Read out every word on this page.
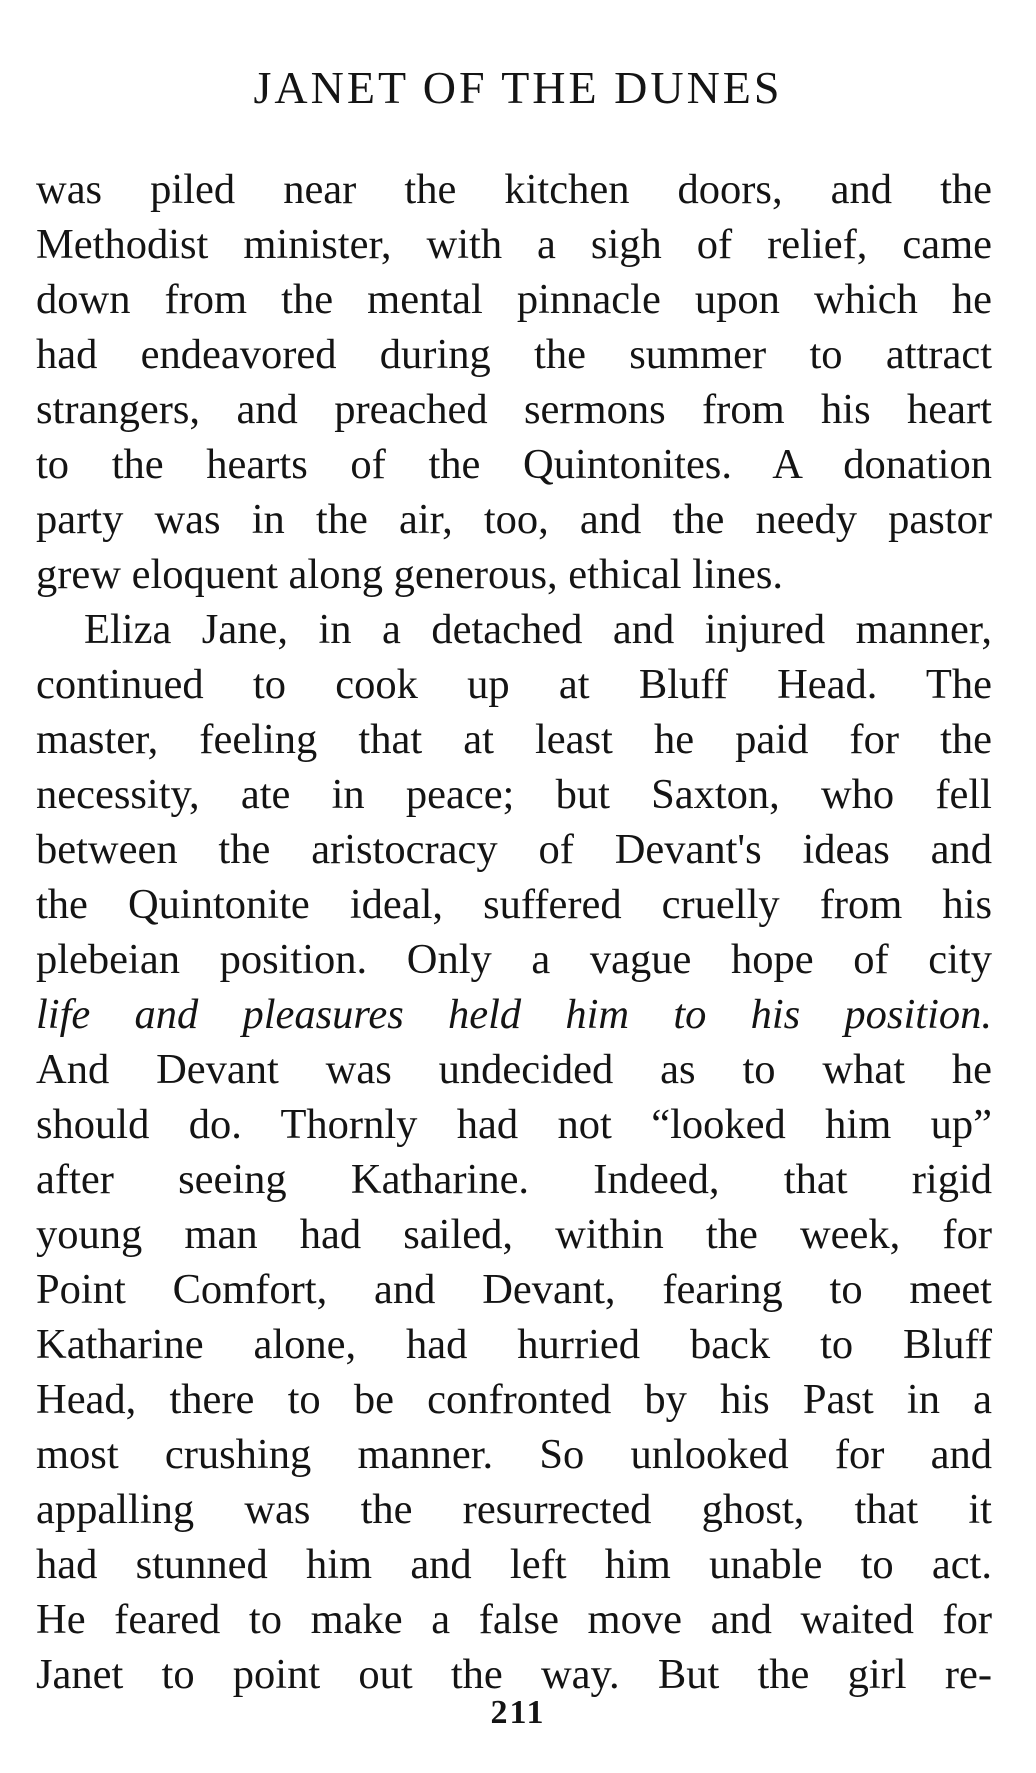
JANET OF THE DUNES
was piled near the kitchen doors, and the
Methodist minister, with a sigh of relief, came
down from the mental pinnacle upon which he
had endeavored during the summer to attract
strangers, and preached sermons from his heart
to the hearts of the Quintonites. A donation
party was in the air, too, and the needy pastor
grew eloquent along generous, ethical lines.
Eliza Jane, in a detached and injured manner,
continued to cook up at Bluff Head. The
master, feeling that at least he paid for the
necessity, ate in peace; but Saxton, who fell
between the aristocracy of Devant's ideas and
the Quintonite ideal, suffered cruelly from his
plebeian position. Only a vague hope of city
life and pleasures held him to his position.
And Devant was undecided as to what he
should do. Thornly had not “looked him up”
after seeing Katharine. Indeed, that rigid
young man had sailed, within the week, for
Point Comfort, and Devant, fearing to meet
Katharine alone, had hurried back to Bluff
Head, there to be confronted by his Past in a
most crushing manner. So unlooked for and
appalling was the resurrected ghost, that it
had stunned him and left him unable to act.
He feared to make a false move and waited for
Janet to point out the way. But the girl re-
211
